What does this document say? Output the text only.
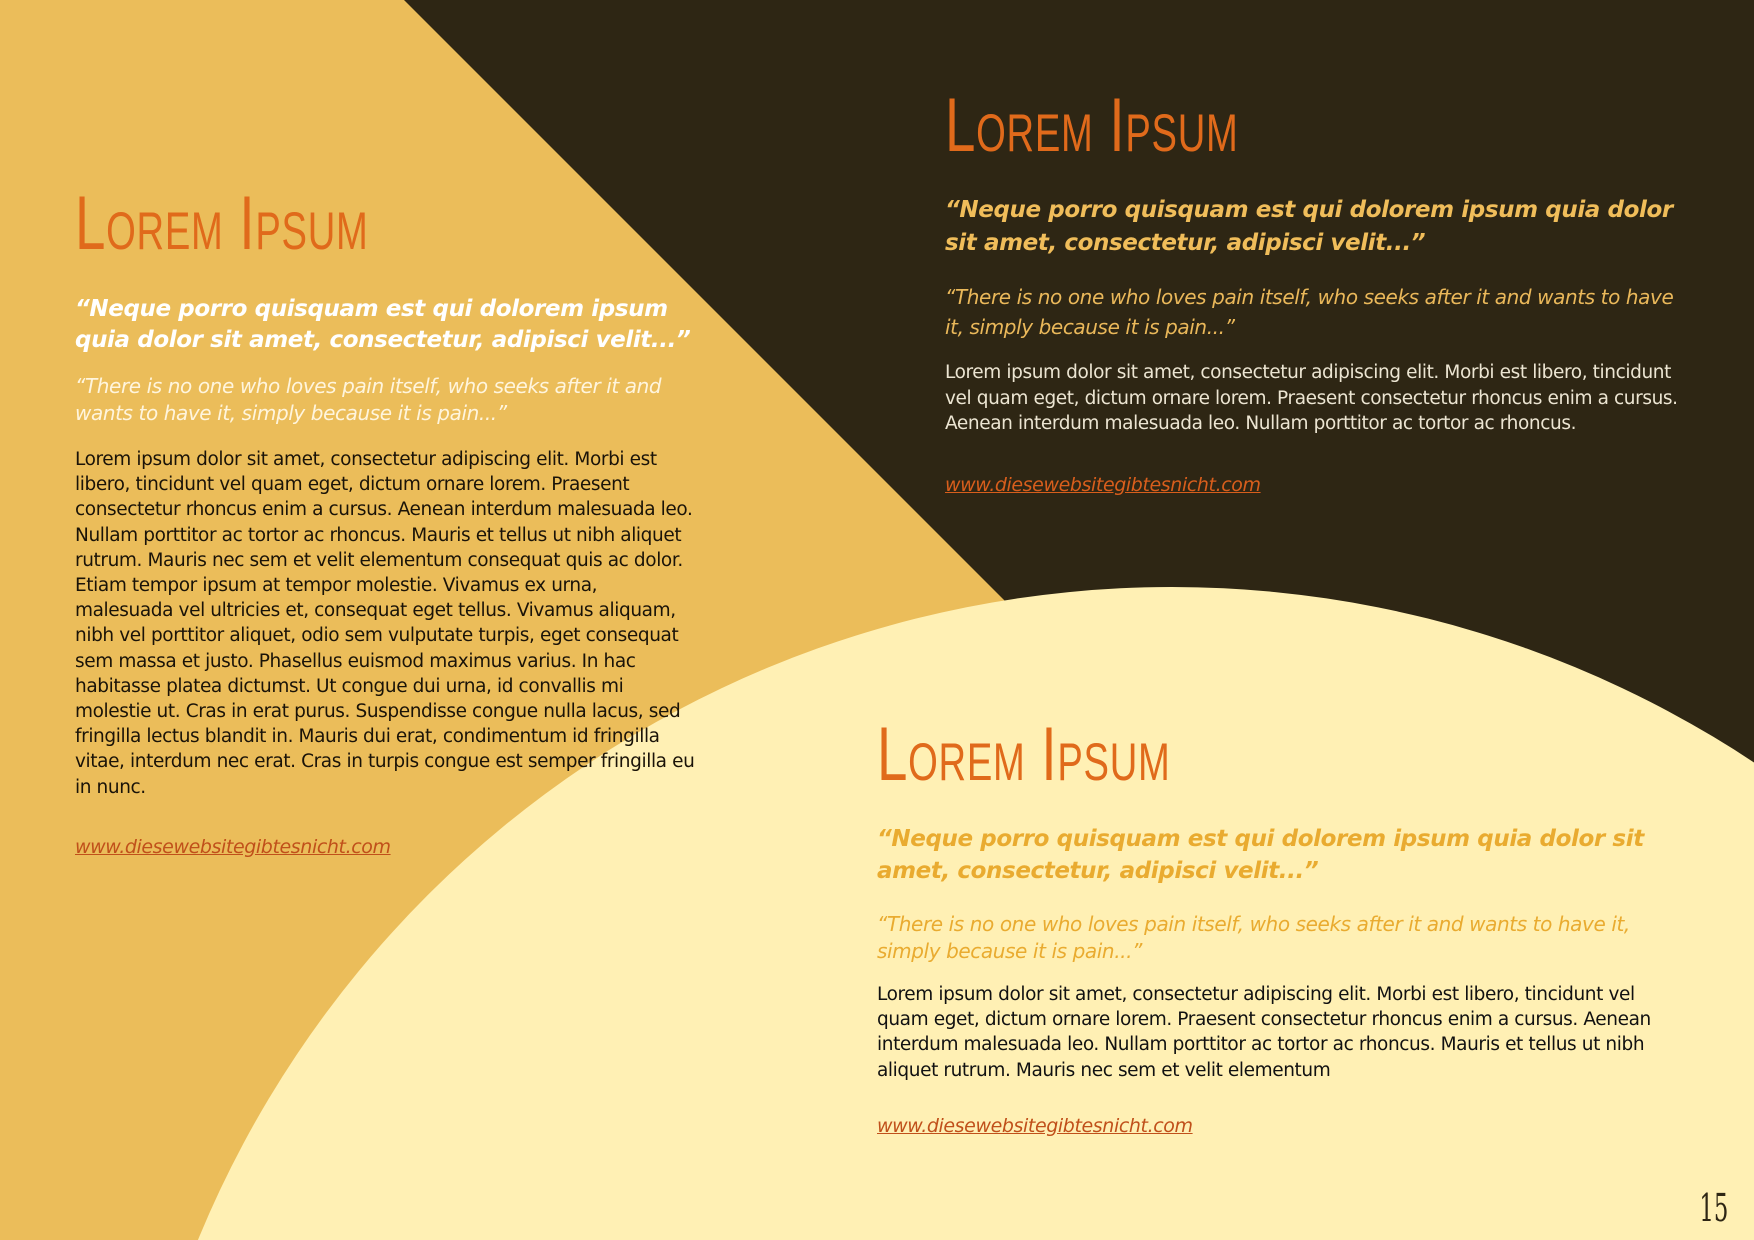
Lorem Ipsum
“Neque porro quisquam est qui dolorem ipsum quia dolor sit amet, consectetur, adipisci velit...”
“There is no one who loves pain itself, who seeks after it and wants to have it, simply because it is pain...”
Lorem ipsum dolor sit amet, consectetur adipiscing elit. Morbi est libero, tincidunt vel quam eget, dictum ornare lorem. Praesent consectetur rhoncus enim a cursus. Aenean interdum malesuada leo. Nullam porttitor ac tortor ac rhoncus. Mauris et tellus ut nibh aliquet rutrum. Mauris nec sem et velit elementum consequat quis ac dolor. Etiam tempor ipsum at tempor molestie. Vivamus ex urna, malesuada vel ultricies et, consequat eget tellus. Vivamus aliquam, nibh vel porttitor aliquet, odio sem vulputate turpis, eget consequat sem massa et justo. Phasellus euismod maximus varius. In hac habitasse platea dictumst. Ut congue dui urna, id convallis mi molestie ut. Cras in erat purus. Suspendisse congue nulla lacus, sed fringilla lectus blandit in. Mauris dui erat, condimentum id fringilla vitae, interdum nec erat. Cras in turpis congue est semper fringilla eu in nunc.
www.diesewebsitegibtesnicht.com
Lorem Ipsum
“Neque porro quisquam est qui dolorem ipsum quia dolor sit amet, consectetur, adipisci velit...”
“There is no one who loves pain itself, who seeks after it and wants to have it, simply because it is pain...”
Lorem ipsum dolor sit amet, consectetur adipiscing elit. Morbi est libero, tincidunt vel quam eget, dictum ornare lorem. Praesent consectetur rhoncus enim a cursus. Aenean interdum malesuada leo. Nullam porttitor ac tortor ac rhoncus.
www.diesewebsitegibtesnicht.com
Lorem Ipsum
“Neque porro quisquam est qui dolorem ipsum quia dolor sit amet, consectetur, adipisci velit...”
“There is no one who loves pain itself, who seeks after it and wants to have it, simply because it is pain...”
Lorem ipsum dolor sit amet, consectetur adipiscing elit. Morbi est libero, tincidunt vel quam eget, dictum ornare lorem. Praesent consectetur rhoncus enim a cursus. Aenean interdum malesuada leo. Nullam porttitor ac tortor ac rhoncus. Mauris et tellus ut nibh aliquet rutrum. Mauris nec sem et velit elementum
www.diesewebsitegibtesnicht.com
15
